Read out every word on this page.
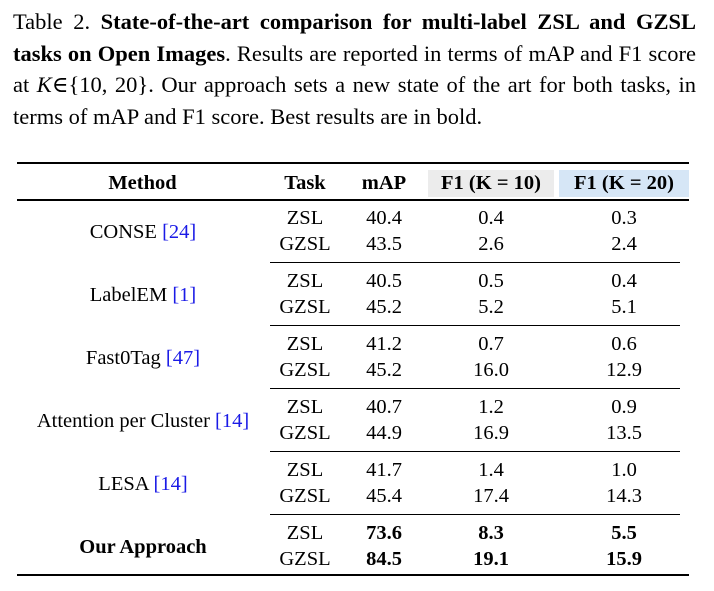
Table 2. State-of-the-art comparison for multi-label ZSL and GZSL tasks on Open Images. Results are reported in terms of mAP and F1 score at K∈{10, 20}. Our approach sets a new state of the art for both tasks, in terms of mAP and F1 score. Best results are in bold.
Method	Task	mAP	F1 (K = 10)	F1 (K = 20)
CONSE [24]
ZSL	40.4	0.4	0.3
GZSL	43.5	2.6	2.4
LabelEM [1]
ZSL	40.5	0.5	0.4
GZSL	45.2	5.2	5.1
Fast0Tag [47]
ZSL	41.2	0.7	0.6
GZSL	45.2	16.0	12.9
Attention per Cluster [14]
ZSL	40.7	1.2	0.9
GZSL	44.9	16.9	13.5
LESA [14]
ZSL	41.7	1.4	1.0
GZSL	45.4	17.4	14.3
Our Approach
ZSL	73.6	8.3	5.5
GZSL	84.5	19.1	15.9
